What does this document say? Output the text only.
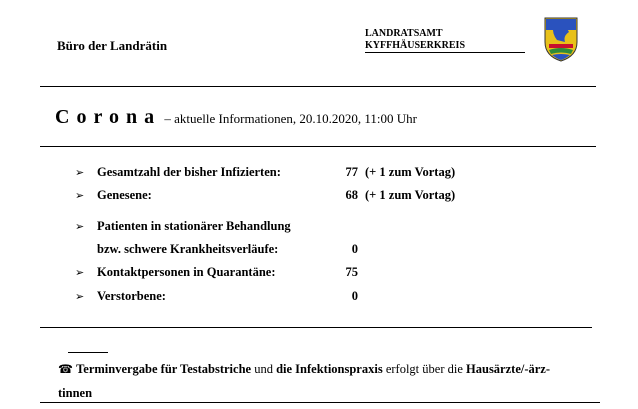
Büro der Landrätin
LANDRATSAMT
KYFFHÄUSERKREIS
Corona – aktuelle Informationen, 20.10.2020, 11:00 Uhr
➢ Gesamtzahl der bisher Infizierten:	77 (+ 1 zum Vortag)
➢ Genesene:	68 (+ 1 zum Vortag)
➢ Patienten in stationärer Behandlung
bzw. schwere Krankheitsverläufe:	0
➢ Kontaktpersonen in Quarantäne:	75
➢ Verstorbene:	0
☎ Terminvergabe für Testabstriche und die Infektionspraxis erfolgt über die Hausärzte/-ärz-
tinnen
